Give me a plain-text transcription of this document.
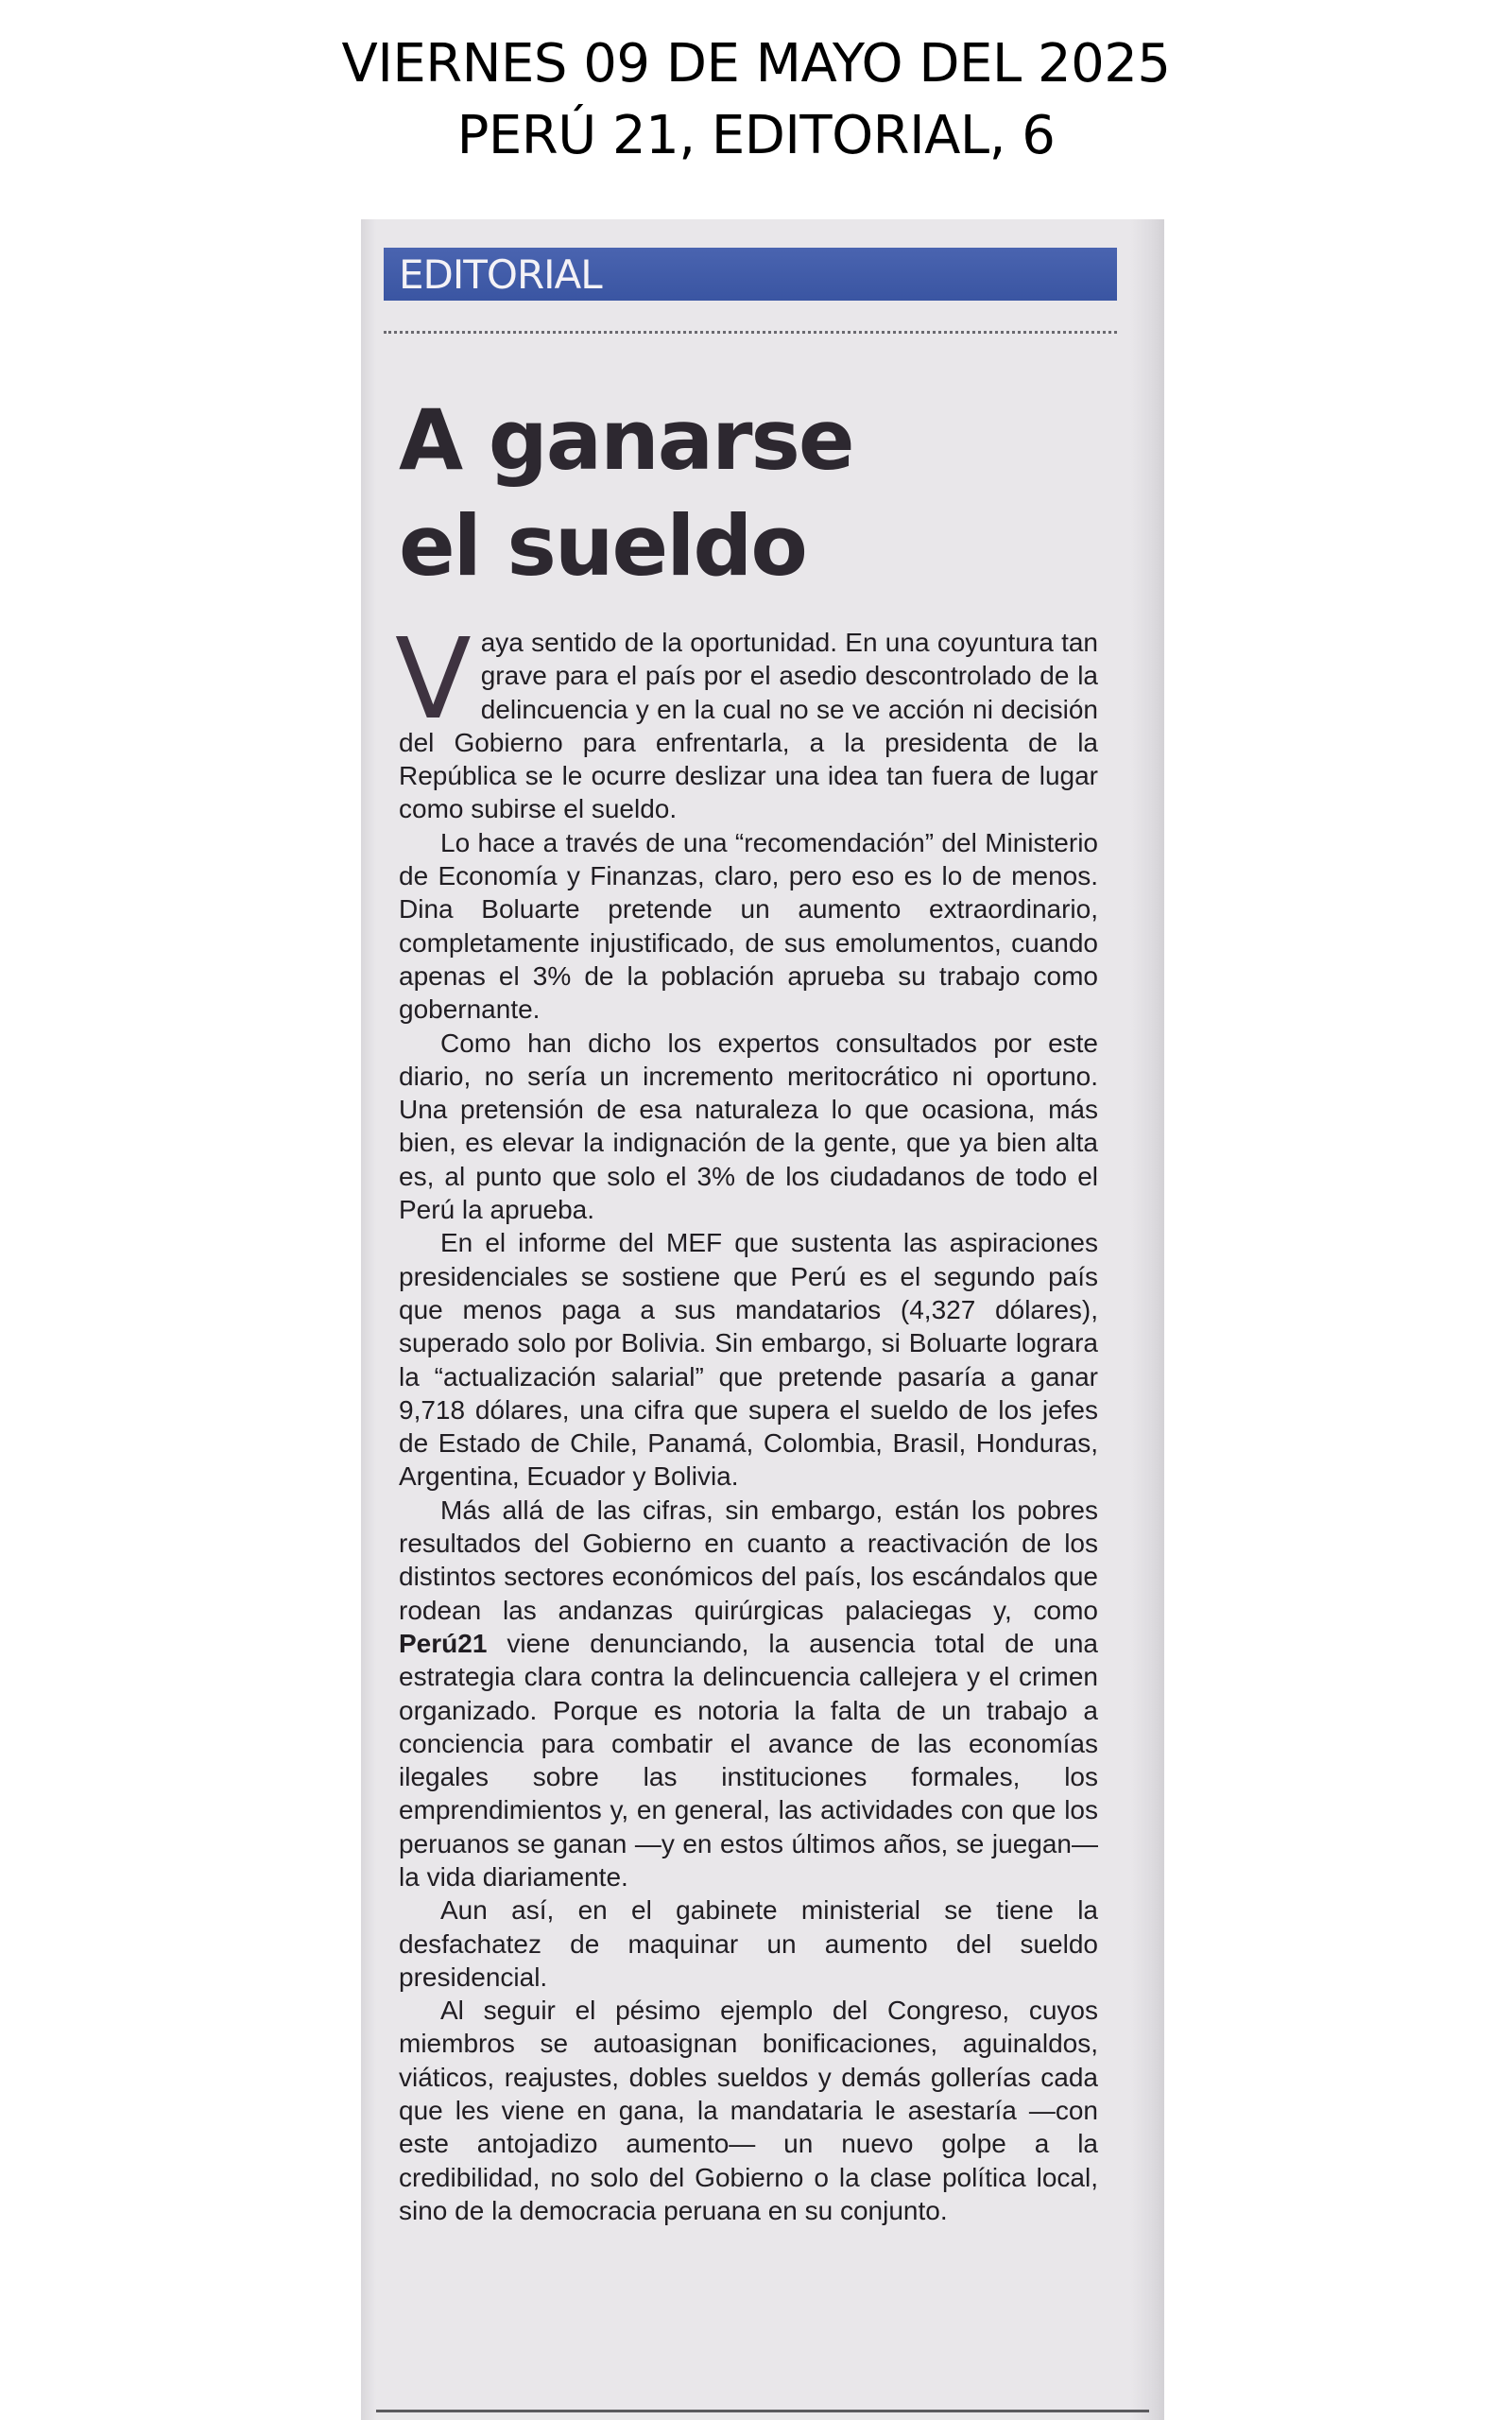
VIERNES 09 DE MAYO DEL 2025
PERÚ 21, EDITORIAL, 6
EDITORIAL
A ganarse
el sueldo

Vaya sentido de la oportunidad. En una coyuntura tan grave para el país por el asedio descontrolado de la delincuencia y en la cual no se ve acción ni decisión del Gobierno para enfrentarla, a la presidenta de la República se le ocurre deslizar una idea tan fuera de lugar como subirse el sueldo.

Lo hace a través de una “recomendación” del Ministerio de Economía y Finanzas, claro, pero eso es lo de menos. Dina Boluarte pretende un aumento extraordinario, completamente injustificado, de sus emolumentos, cuando apenas el 3% de la población aprueba su trabajo como gobernante.

Como han dicho los expertos consultados por este diario, no sería un incremento meritocrático ni oportuno. Una pretensión de esa naturaleza lo que ocasiona, más bien, es elevar la indignación de la gente, que ya bien alta es, al punto que solo el 3% de los ciudadanos de todo el Perú la aprueba.

En el informe del MEF que sustenta las aspiraciones presidenciales se sostiene que Perú es el segundo país que menos paga a sus mandatarios (4,327 dólares), superado solo por Bolivia. Sin embargo, si Boluarte lograra la “actualización salarial” que pretende pasaría a ganar 9,718 dólares, una cifra que supera el sueldo de los jefes de Estado de Chile, Panamá, Colombia, Brasil, Honduras, Argentina, Ecuador y Bolivia.

Más allá de las cifras, sin embargo, están los pobres resultados del Gobierno en cuanto a reactivación de los distintos sectores económicos del país, los escándalos que rodean las andanzas quirúrgicas palaciegas y, como Perú21 viene denunciando, la ausencia total de una estrategia clara contra la delincuencia callejera y el crimen organizado. Porque es notoria la falta de un trabajo a conciencia para combatir el avance de las economías ilegales sobre las instituciones formales, los emprendimientos y, en general, las actividades con que los peruanos se ganan —y en estos últimos años, se juegan— la vida diariamente.

Aun así, en el gabinete ministerial se tiene la desfachatez de maquinar un aumento del sueldo presidencial.

Al seguir el pésimo ejemplo del Congreso, cuyos miembros se autoasignan bonificaciones, aguinaldos, viáticos, reajustes, dobles sueldos y demás gollerías cada que les viene en gana, la mandataria le asestaría —con este antojadizo aumento— un nuevo golpe a la credibilidad, no solo del Gobierno o la clase política local, sino de la democracia peruana en su conjunto.
